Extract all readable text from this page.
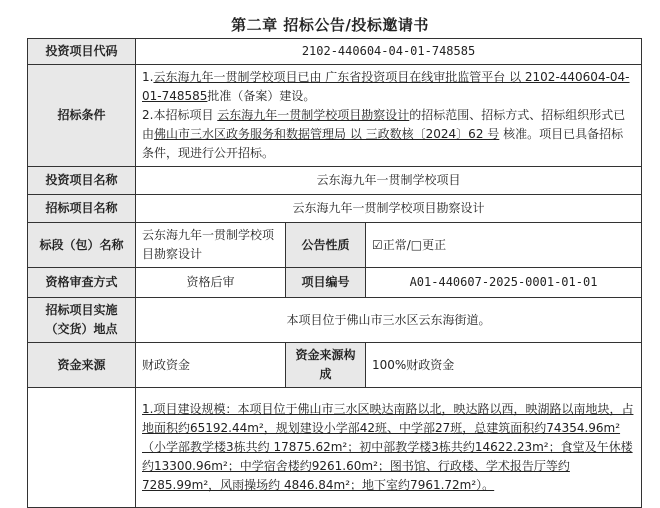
第二章 招标公告/投标邀请书
投资项目代码	2102-440604-04-01-748585		
招标条件	1.云东海九年一贯制学校项目已由 广东省投资项目在线审批监管平台 以 2102-440604-04-01-748585批准（备案）建设。

2.本招标项目 云东海九年一贯制学校项目勘察设计的招标范围、招标方式、招标组织形式已由佛山市三水区政务服务和数据管理局 以 三政数核〔2024〕62 号 核准。项目已具备招标条件，现进行公开招标。		

投资项目名称	云东海九年一贯制学校项目		
招标项目名称	云东海九年一贯制学校项目勘察设计		
标段（包）名称	云东海九年一贯制学校项目勘察设计	公告性质	☑正常/□更正
资格审查方式	资格后审	项目编号	A01-440607-2025-0001-01-01
招标项目实施（交货）地点	本项目位于佛山市三水区云东海街道。		
资金来源	财政资金	资金来源构成	100%财政资金

	1.项目建设规模：本项目位于佛山市三水区映达南路以北，映达路以西，映湖路以南地块，占地面积约65192.44m²，规划建设小学部42班、中学部27班，总建筑面积约74354.96m²（小学部教学楼3栋共约 17875.62m²；初中部教学楼3栋共约14622.23m²；食堂及午休楼约13300.96m²；中学宿舍楼约9261.60m²；图书馆、行政楼、学术报告厅等约7285.99m²，风雨操场约 4846.84m²；地下室约7961.72m²）。		
